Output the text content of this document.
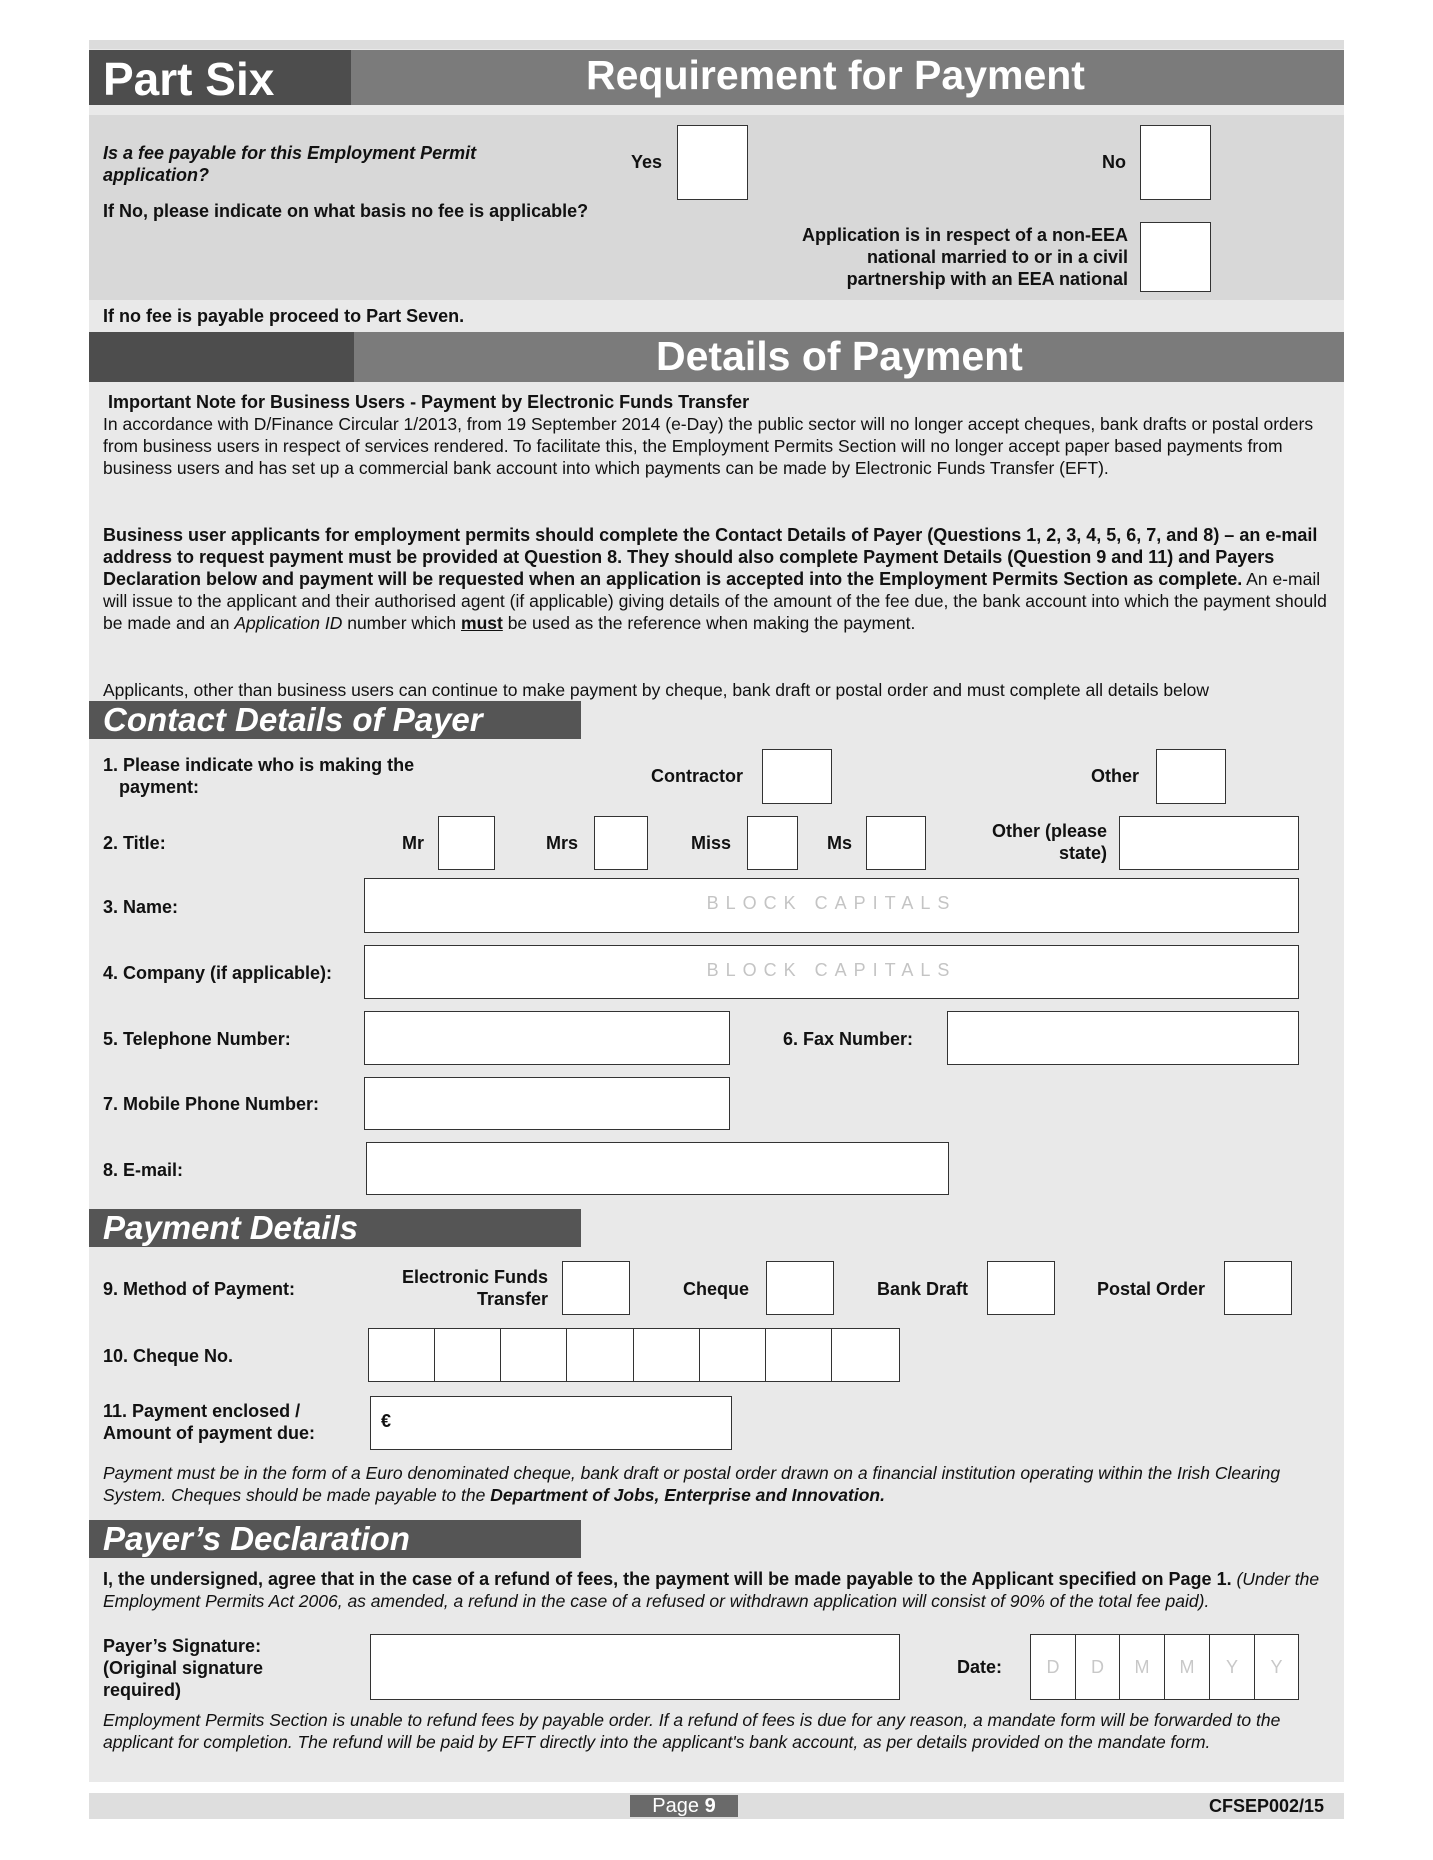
Part Six	Requirement for Payment
Is a fee payable for this Employment Permit application?
Yes	No
If No, please indicate on what basis no fee is applicable?
Application is in respect of a non-EEA
national married to or in a civil
partnership with an EEA national
If no fee is payable proceed to Part Seven.
Details of Payment
Important Note for Business Users - Payment by Electronic Funds Transfer
In accordance with D/Finance Circular 1/2013, from 19 September 2014 (e-Day) the public sector will no longer accept cheques, bank drafts or postal orders from business users in respect of services rendered. To facilitate this, the Employment Permits Section will no longer accept paper based payments from business users and has set up a commercial bank account into which payments can be made by Electronic Funds Transfer (EFT).
Business user applicants for employment permits should complete the Contact Details of Payer (Questions 1, 2, 3, 4, 5, 6, 7, and 8) – an e-mail address to request payment must be provided at Question 8. They should also complete Payment Details (Question 9 and 11) and Payers Declaration below and payment will be requested when an application is accepted into the Employment Permits Section as complete. An e-mail will issue to the applicant and their authorised agent (if applicable) giving details of the amount of the fee due, the bank account into which the payment should be made and an Application ID number which must be used as the reference when making the payment.
Applicants, other than business users can continue to make payment by cheque, bank draft or postal order and must complete all details below
Contact Details of Payer
1. Please indicate who is making the
payment:
Contractor	Other
2. Title:	Mr	Mrs	Miss	Ms
Other (please
state)
3. Name:	BLOCK CAPITALS
4. Company (if applicable):	BLOCK CAPITALS
5. Telephone Number:	6. Fax Number:
7. Mobile Phone Number:
8. E-mail:
Payment Details
9. Method of Payment:
Electronic Funds
Transfer	Cheque	Bank Draft	Postal Order
10. Cheque No.
11. Payment enclosed /
Amount of payment due:
€
Payment must be in the form of a Euro denominated cheque, bank draft or postal order drawn on a financial institution operating within the Irish Clearing System. Cheques should be made payable to the Department of Jobs, Enterprise and Innovation.
Payer’s Declaration
I, the undersigned, agree that in the case of a refund of fees, the payment will be made payable to the Applicant specified on Page 1. (Under the Employment Permits Act 2006, as amended, a refund in the case of a refused or withdrawn application will consist of 90% of the total fee paid).
Payer’s Signature:
(Original signature
required)
Date:	D	D	M	M	Y	Y
Employment Permits Section is unable to refund fees by payable order. If a refund of fees is due for any reason, a mandate form will be forwarded to the applicant for completion. The refund will be paid by EFT directly into the applicant's bank account, as per details provided on the mandate form.
Page 9	CFSEP002/15
